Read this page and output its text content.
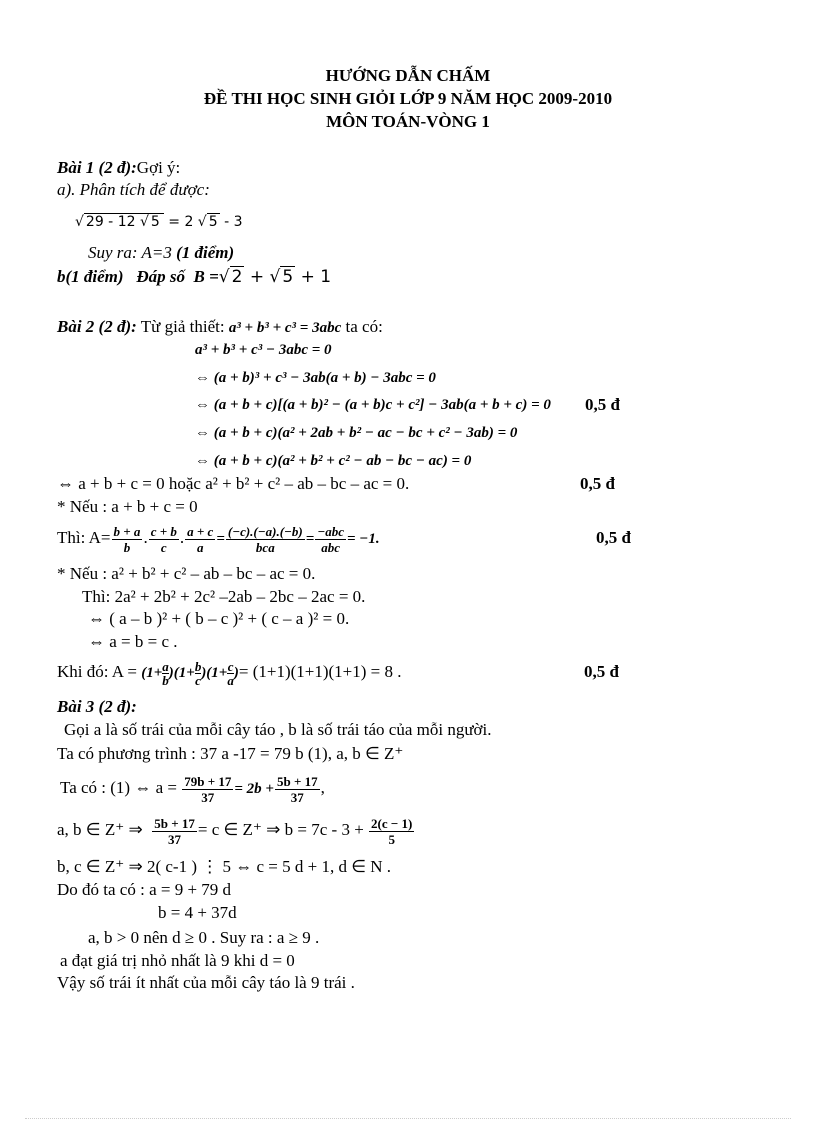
HƯỚNG DẪN CHẤM
ĐỀ THI HỌC SINH GIỎI LỚP 9 NĂM HỌC 2009-2010
MÔN TOÁN-VÒNG 1
Bài 1 (2 đ):Gợi ý:
a). Phân tích để được:
√ 29 - 12 √ 5 = 2 √ 5 - 3
Suy ra: A=3 (1 điểm)
b(1 điểm) Đáp số B =√ 2 + √ 5 + 1
Bài 2 (2 đ): Từ giả thiết: a³ + b³ + c³ = 3abc ta có:
a³ + b³ + c³ − 3abc = 0
⇔ (a + b)³ + c³ − 3ab(a + b) − 3abc = 0
⇔ (a + b + c)[(a + b)² − (a + b)c + c²] − 3ab(a + b + c) = 0 0,5 đ
⇔ (a + b + c)(a² + 2ab + b² − ac − bc + c² − 3ab) = 0
⇔ (a + b + c)(a² + b² + c² − ab − bc − ac) = 0
⇔ a + b + c = 0 hoặc a² + b² + c² – ab – bc – ac = 0.	0,5 đ
* Nếu : a + b + c = 0
Thì: $A= \frac{b + a}{b}$ . $\frac{c + b}{c}$ . $\frac{a + c}{a} = \frac{(-c).(-a).(-b)}{\text{bca}} = \frac{\text{−abc}}{\text{abc}} = -1$.	0,5 đ
* Nếu : a² + b² + c² – ab – bc – ac = 0.
Thì: 2a² + 2b² + 2c² –2ab – 2bc – 2ac = 0.
⇔ ( a – b )² + ( b – c )² + ( c – a )² = 0.
⇔ a = b = c .
Khi đó: $A = (1+ \frac{a}{b} )(1+ \frac{b}{c} )(1+ \frac{c}{a}$ )= (1+1)(1+1)(1+1) = 8 .	0,5 đ
Bài 3 (2 đ):
Gọi a là số trái của mỗi cây táo , b là số trái táo của mỗi người.
Ta có phương trình : 37 a -17 = 79 b (1), a, b ∈ Z⁺
Ta có : (1) ⇔ $a = \frac{79b + 17}{37} = 2b + \frac{5b + 17}{37}$ ,
a, b ∈ Z⁺ ⇒ $\frac{5b + 17}{37} = c$ ∈ Z⁺ ⇒ $b = 7c - 3 + \frac{2(c - 1)}{5}$
b, c ∈ Z⁺ ⇒ 2( c-1 ) ⋮ 5 ⇔ c = 5 d + 1, d ∈ N .
Do đó ta có : a = 9 + 79 d
b = 4 + 37d
a, b > 0 nên d ≥ 0 . Suy ra : a ≥ 9 .
a đạt giá trị nhỏ nhất là 9 khi d = 0
Vậy số trái ít nhất của mỗi cây táo là 9 trái .
